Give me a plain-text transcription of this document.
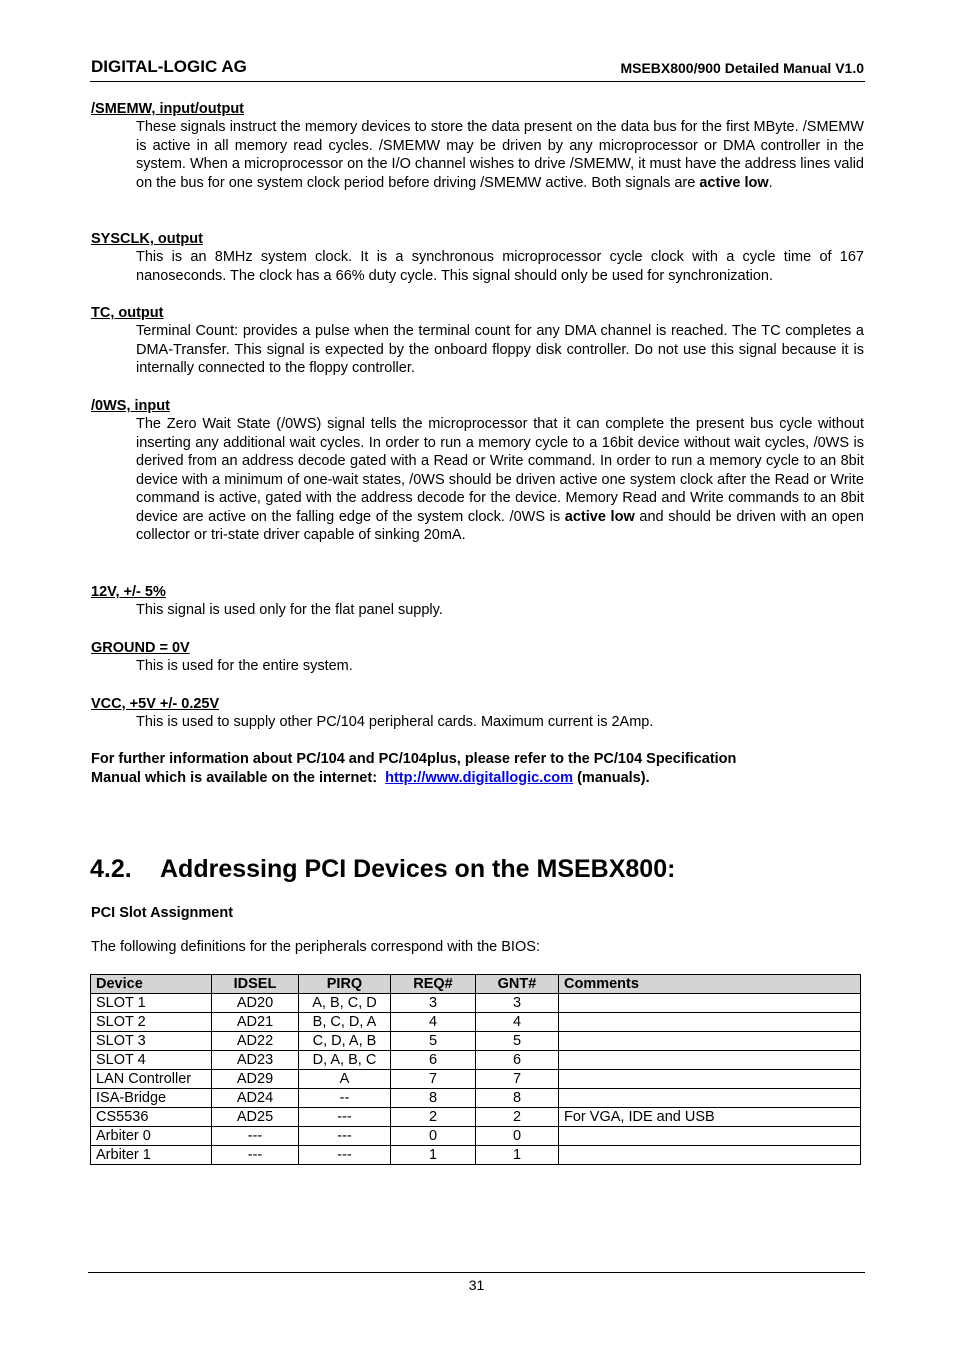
DIGITAL-LOGIC AG	MSEBX800/900 Detailed Manual V1.0
/SMEMW, input/output
These signals instruct the memory devices to store the data present on the data bus for the first MByte. /SMEMW is active in all memory read cycles. /SMEMW may be driven by any microprocessor or DMA controller in the system. When a microprocessor on the I/O channel wishes to drive /SMEMW, it must have the address lines valid on the bus for one system clock period before driving /SMEMW active. Both signals are active low.
SYSCLK, output
This is an 8MHz system clock. It is a synchronous microprocessor cycle clock with a cycle time of 167 nanoseconds. The clock has a 66% duty cycle. This signal should only be used for synchronization.
TC, output
Terminal Count: provides a pulse when the terminal count for any DMA channel is reached. The TC completes a DMA-Transfer. This signal is expected by the onboard floppy disk controller. Do not use this signal because it is internally connected to the floppy controller.
/0WS, input
The Zero Wait State (/0WS) signal tells the microprocessor that it can complete the present bus cycle without inserting any additional wait cycles. In order to run a memory cycle to a 16bit device without wait cycles, /0WS is derived from an address decode gated with a Read or Write command. In order to run a memory cycle to an 8bit device with a minimum of one-wait states, /0WS should be driven active one system clock after the Read or Write command is active, gated with the address decode for the device. Memory Read and Write commands to an 8bit device are active on the falling edge of the system clock. /0WS is active low and should be driven with an open collector or tri-state driver capable of sinking 20mA.
12V, +/- 5%
This signal is used only for the flat panel supply.
GROUND = 0V
This is used for the entire system.
VCC, +5V +/- 0.25V
This is used to supply other PC/104 peripheral cards. Maximum current is 2Amp.
For further information about PC/104 and PC/104plus, please refer to the PC/104 Specification
Manual which is available on the internet: http://www.digitallogic.com (manuals).
4.2. Addressing PCI Devices on the MSEBX800:
PCI Slot Assignment
The following definitions for the peripherals correspond with the BIOS:
Device	IDSEL	PIRQ	REQ#	GNT#	Comments
SLOT 1	AD20	A, B, C, D	3	3	
SLOT 2	AD21	B, C, D, A	4	4	
SLOT 3	AD22	C, D, A, B	5	5	
SLOT 4	AD23	D, A, B, C	6	6	
LAN Controller	AD29	A	7	7	
ISA-Bridge	AD24	--	8	8	
CS5536	AD25	---	2	2	For VGA, IDE and USB
Arbiter 0	---	---	0	0	
Arbiter 1	---	---	1	1	
31
